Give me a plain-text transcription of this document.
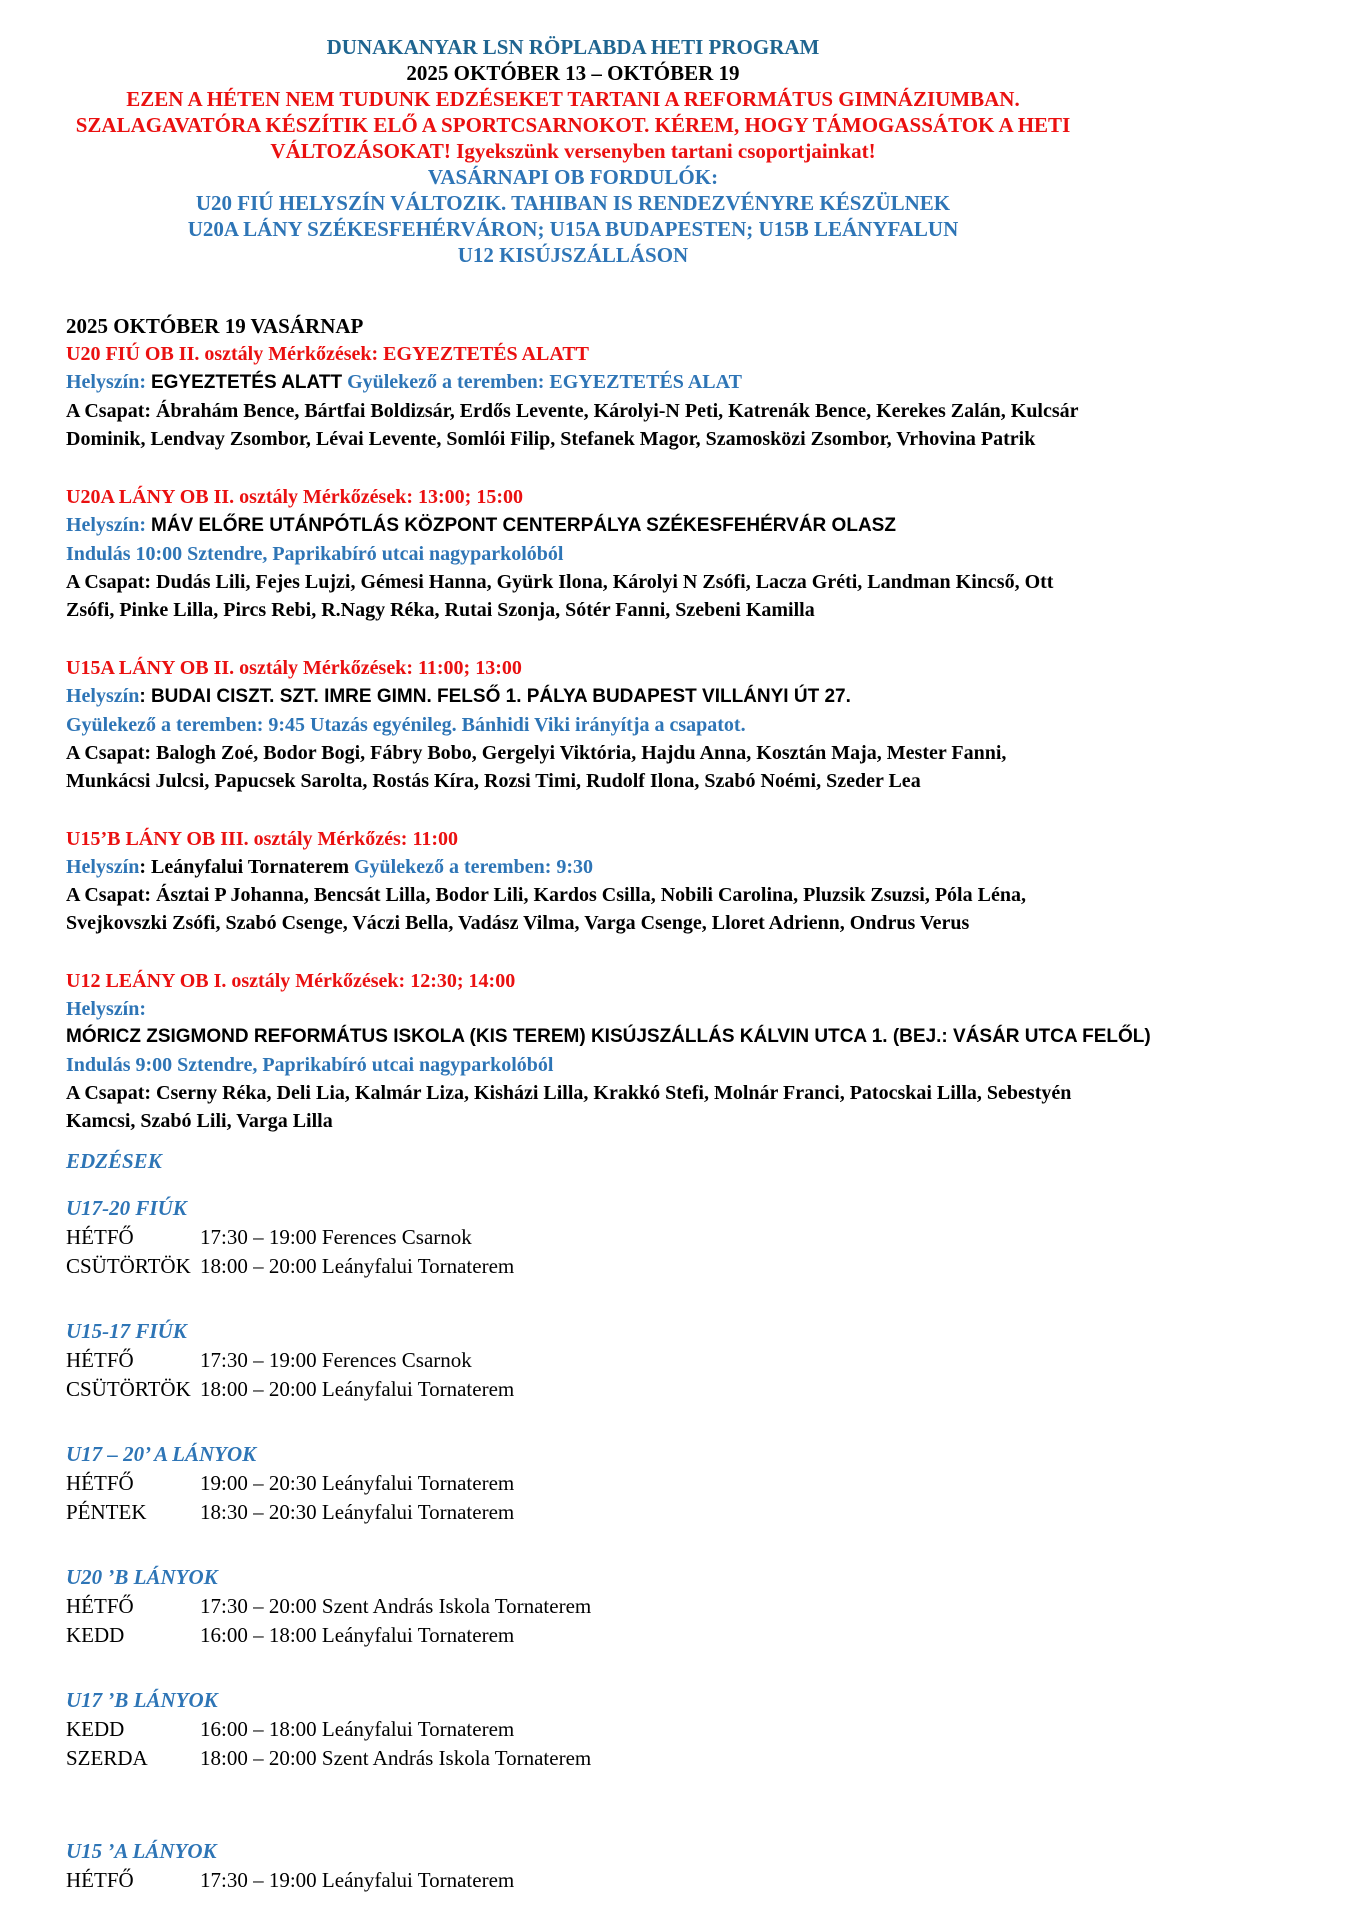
DUNAKANYAR LSN RÖPLABDA HETI PROGRAM
2025 OKTÓBER 13 – OKTÓBER 19
EZEN A HÉTEN NEM TUDUNK EDZÉSEKET TARTANI A REFORMÁTUS GIMNÁZIUMBAN.
SZALAGAVATÓRA KÉSZÍTIK ELŐ A SPORTCSARNOKOT. KÉREM, HOGY TÁMOGASSÁTOK A HETI
VÁLTOZÁSOKAT! Igyekszünk versenyben tartani csoportjainkat!
VASÁRNAPI OB FORDULÓK:
U20 FIÚ HELYSZÍN VÁLTOZIK. TAHIBAN IS RENDEZVÉNYRE KÉSZÜLNEK
U20A LÁNY SZÉKESFEHÉRVÁRON; U15A BUDAPESTEN; U15B LEÁNYFALUN
U12 KISÚJSZÁLLÁSON
2025 OKTÓBER 19 VASÁRNAP
U20 FIÚ OB II. osztály Mérkőzések: EGYEZTETÉS ALATT
Helyszín: EGYEZTETÉS ALATT Gyülekező a teremben: EGYEZTETÉS ALAT
A Csapat: Ábrahám Bence, Bártfai Boldizsár, Erdős Levente, Károlyi-N Peti, Katrenák Bence, Kerekes Zalán, Kulcsár Dominik, Lendvay Zsombor, Lévai Levente, Somlói Filip, Stefanek Magor, Szamosközi Zsombor, Vrhovina Patrik
U20A LÁNY OB II. osztály Mérkőzések: 13:00; 15:00
Helyszín: MÁV ELŐRE UTÁNPÓTLÁS KÖZPONT CENTERPÁLYA SZÉKESFEHÉRVÁR OLASZ
Indulás 10:00 Sztendre, Paprikabíró utcai nagyparkolóból
A Csapat: Dudás Lili, Fejes Lujzi, Gémesi Hanna, Gyürk Ilona, Károlyi N Zsófi, Lacza Gréti, Landman Kincső, Ott Zsófi, Pinke Lilla, Pircs Rebi, R.Nagy Réka, Rutai Szonja, Sótér Fanni, Szebeni Kamilla
U15A LÁNY OB II. osztály Mérkőzések: 11:00; 13:00
Helyszín: BUDAI CISZT. SZT. IMRE GIMN. FELSŐ 1. PÁLYA BUDAPEST VILLÁNYI ÚT 27.
Gyülekező a teremben: 9:45 Utazás egyénileg. Bánhidi Viki irányítja a csapatot.
A Csapat: Balogh Zoé, Bodor Bogi, Fábry Bobo, Gergelyi Viktória, Hajdu Anna, Kosztán Maja, Mester Fanni, Munkácsi Julcsi, Papucsek Sarolta, Rostás Kíra, Rozsi Timi, Rudolf Ilona, Szabó Noémi, Szeder Lea
U15’B LÁNY OB III. osztály Mérkőzés: 11:00
Helyszín: Leányfalui Tornaterem Gyülekező a teremben: 9:30
A Csapat: Ásztai P Johanna, Bencsát Lilla, Bodor Lili, Kardos Csilla, Nobili Carolina, Pluzsik Zsuzsi, Póla Léna, Svejkovszki Zsófi, Szabó Csenge, Váczi Bella, Vadász Vilma, Varga Csenge, Lloret Adrienn, Ondrus Verus
U12 LEÁNY OB I. osztály Mérkőzések: 12:30; 14:00
Helyszín:
MÓRICZ ZSIGMOND REFORMÁTUS ISKOLA (KIS TEREM) KISÚJSZÁLLÁS KÁLVIN UTCA 1. (BEJ.: VÁSÁR UTCA FELŐL)
Indulás 9:00 Sztendre, Paprikabíró utcai nagyparkolóból
A Csapat: Cserny Réka, Deli Lia, Kalmár Liza, Kisházi Lilla, Krakkó Stefi, Molnár Franci, Patocskai Lilla, Sebestyén Kamcsi, Szabó Lili, Varga Lilla
EDZÉSEK
U17-20 FIÚK
HÉTFŐ	17:30 – 19:00 Ferences Csarnok
CSÜTÖRTÖK 18:00 – 20:00 Leányfalui Tornaterem
U15-17 FIÚK
HÉTFŐ	17:30 – 19:00 Ferences Csarnok
CSÜTÖRTÖK 18:00 – 20:00 Leányfalui Tornaterem
U17 – 20’ A LÁNYOK
HÉTFŐ	19:00 – 20:30 Leányfalui Tornaterem
PÉNTEK	18:30 – 20:30 Leányfalui Tornaterem
U20 ’B LÁNYOK
HÉTFŐ	17:30 – 20:00 Szent András Iskola Tornaterem
KEDD	16:00 – 18:00 Leányfalui Tornaterem
U17 ’B LÁNYOK
KEDD	16:00 – 18:00 Leányfalui Tornaterem
SZERDA 18:00 – 20:00 Szent András Iskola Tornaterem
U15 ’A LÁNYOK
HÉTFŐ	17:30 – 19:00 Leányfalui Tornaterem
